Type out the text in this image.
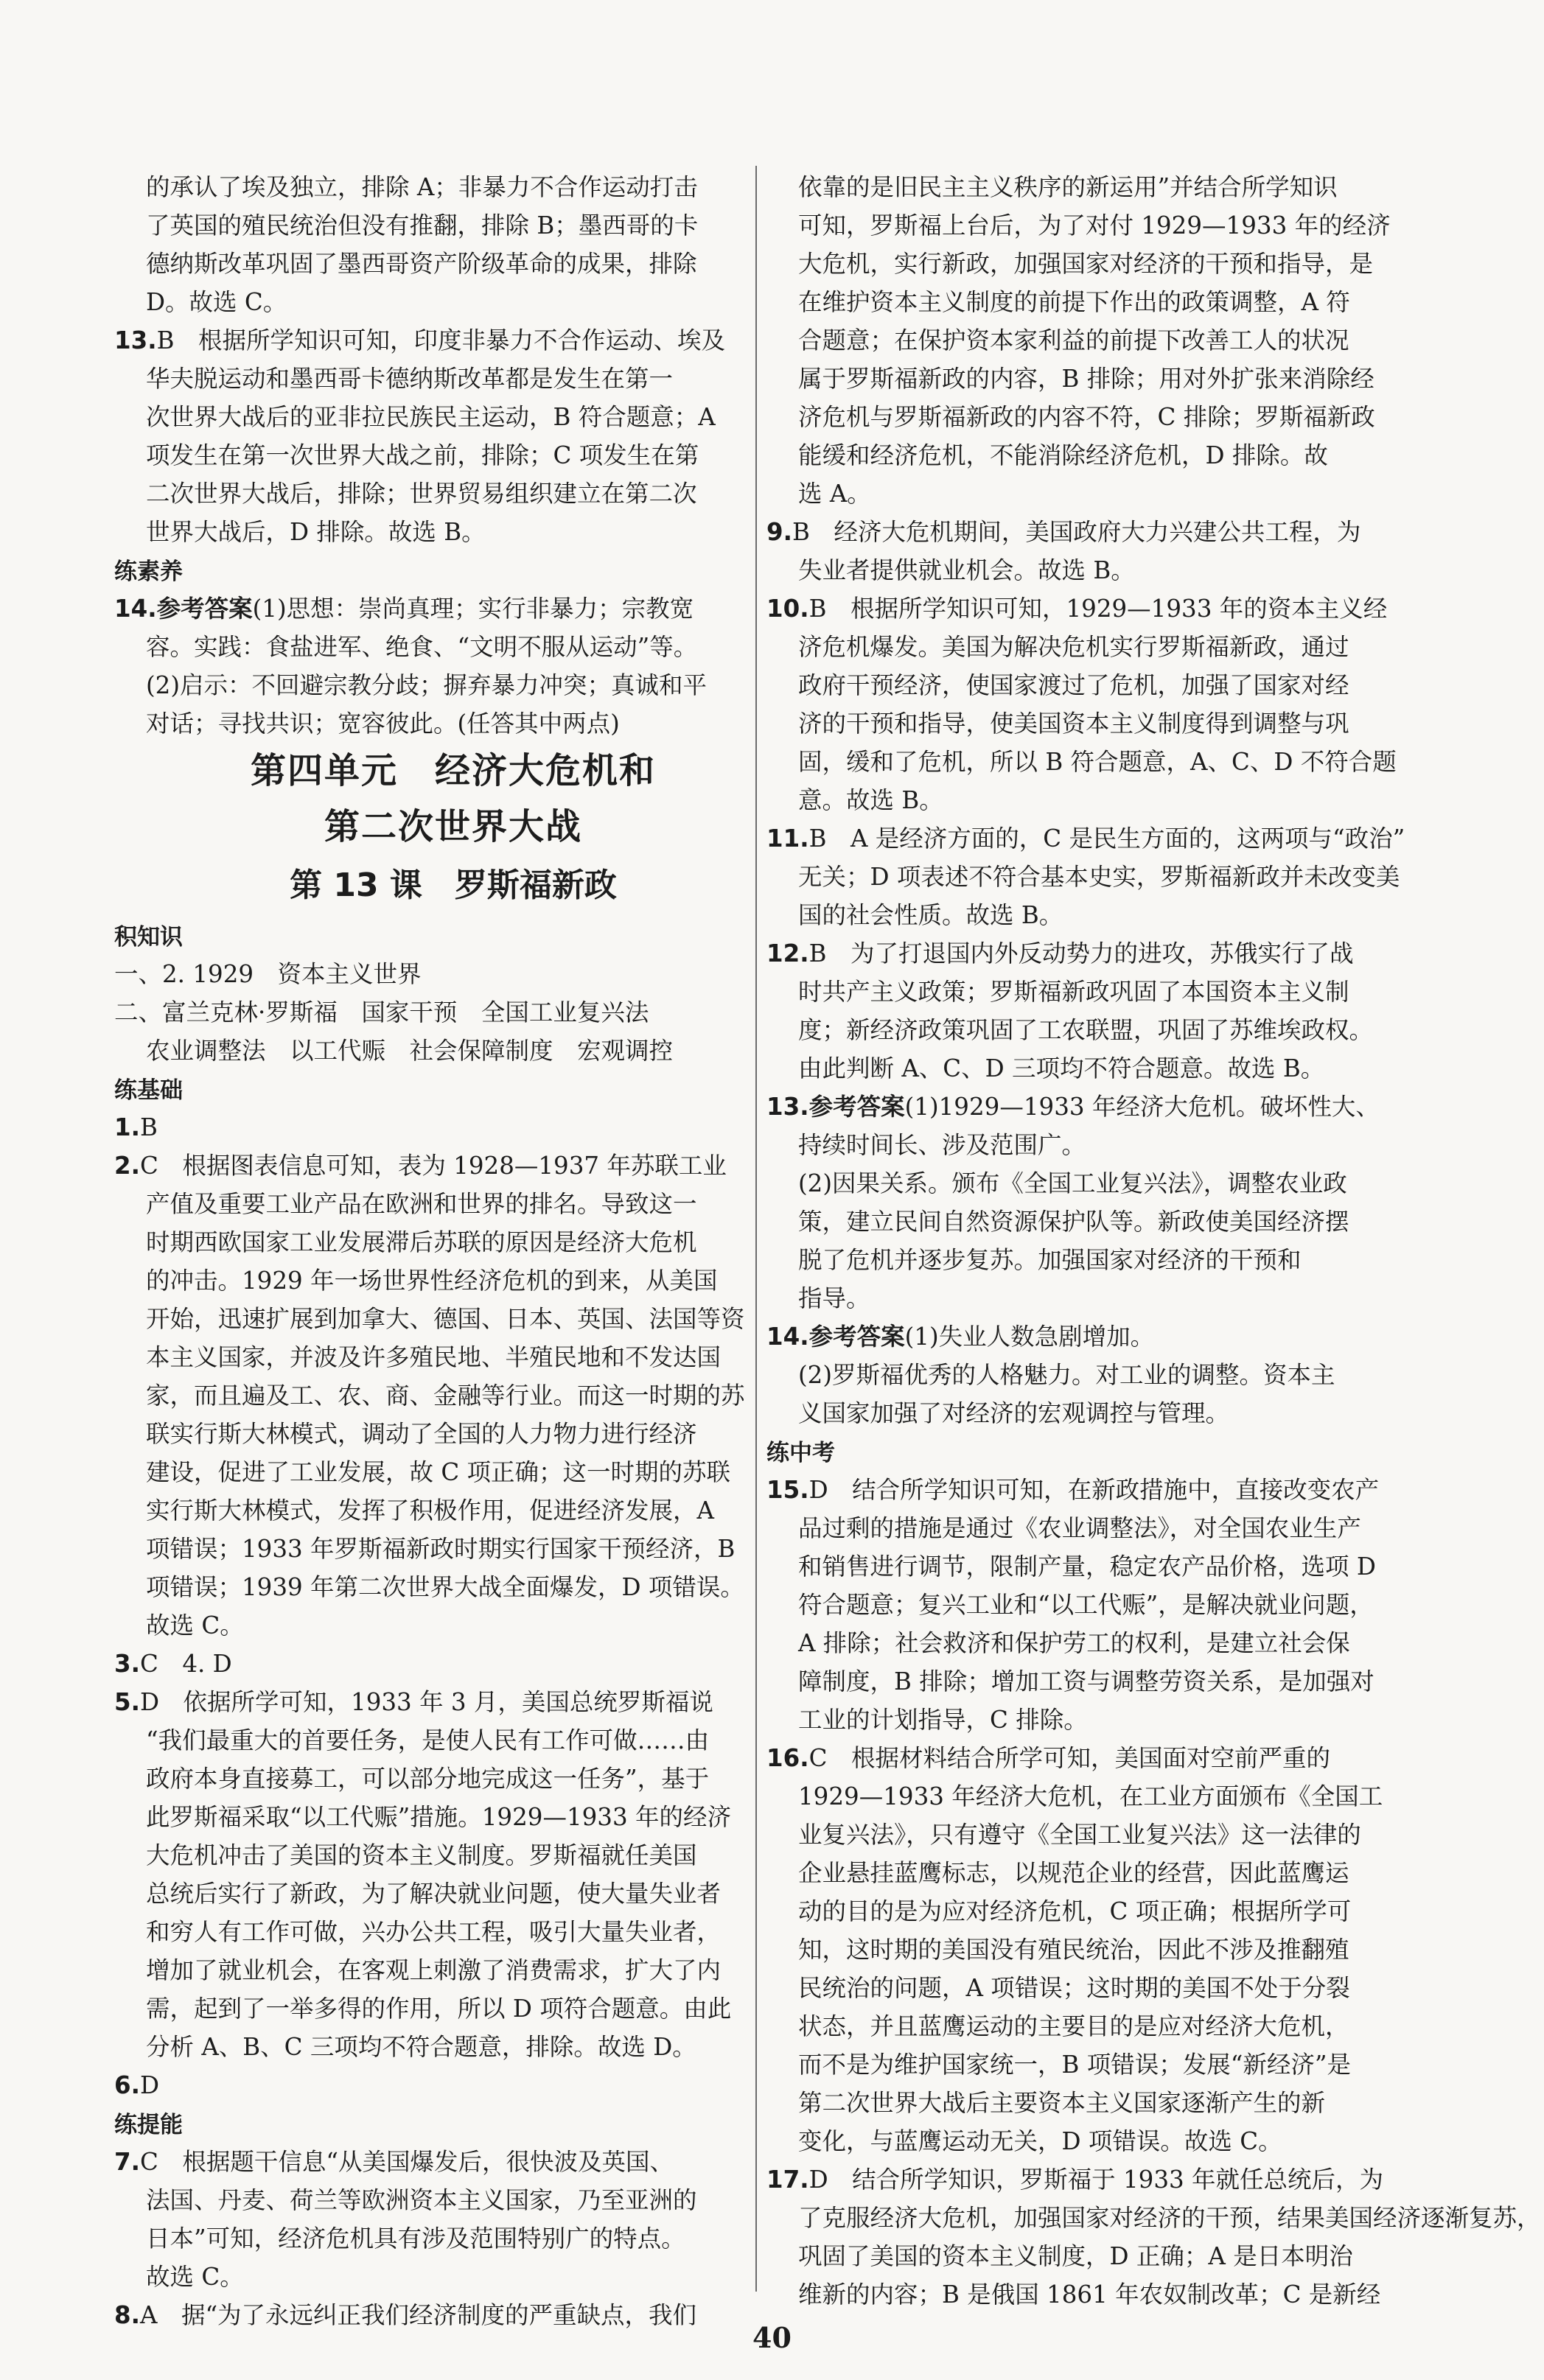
的承认了埃及独立，排除 A；非暴力不合作运动打击
了英国的殖民统治但没有推翻，排除 B；墨西哥的卡
德纳斯改革巩固了墨西哥资产阶级革命的成果，排除
D。故选 C。
13.B　根据所学知识可知，印度非暴力不合作运动、埃及
华夫脱运动和墨西哥卡德纳斯改革都是发生在第一
次世界大战后的亚非拉民族民主运动，B 符合题意；A
项发生在第一次世界大战之前，排除；C 项发生在第
二次世界大战后，排除；世界贸易组织建立在第二次
世界大战后，D 排除。故选 B。
练素养
14.参考答案(1)思想：崇尚真理；实行非暴力；宗教宽
容。实践：食盐进军、绝食、“文明不服从运动”等。
(2)启示：不回避宗教分歧；摒弃暴力冲突；真诚和平
对话；寻找共识；宽容彼此。(任答其中两点)
第四单元　经济大危机和
第二次世界大战
第 13 课　罗斯福新政
积知识
一、2. 1929　资本主义世界
二、富兰克林·罗斯福　国家干预　全国工业复兴法
农业调整法　以工代赈　社会保障制度　宏观调控
练基础
1.B
2.C　根据图表信息可知，表为 1928—1937 年苏联工业
产值及重要工业产品在欧洲和世界的排名。导致这一
时期西欧国家工业发展滞后苏联的原因是经济大危机
的冲击。1929 年一场世界性经济危机的到来，从美国
开始，迅速扩展到加拿大、德国、日本、英国、法国等资
本主义国家，并波及许多殖民地、半殖民地和不发达国
家，而且遍及工、农、商、金融等行业。而这一时期的苏
联实行斯大林模式，调动了全国的人力物力进行经济
建设，促进了工业发展，故 C 项正确；这一时期的苏联
实行斯大林模式，发挥了积极作用，促进经济发展，A
项错误；1933 年罗斯福新政时期实行国家干预经济，B
项错误；1939 年第二次世界大战全面爆发，D 项错误。
故选 C。
3.C　4. D
5.D　依据所学可知，1933 年 3 月，美国总统罗斯福说
“我们最重大的首要任务，是使人民有工作可做……由
政府本身直接募工，可以部分地完成这一任务”，基于
此罗斯福采取“以工代赈”措施。1929—1933 年的经济
大危机冲击了美国的资本主义制度。罗斯福就任美国
总统后实行了新政，为了解决就业问题，使大量失业者
和穷人有工作可做，兴办公共工程，吸引大量失业者，
增加了就业机会，在客观上刺激了消费需求，扩大了内
需，起到了一举多得的作用，所以 D 项符合题意。由此
分析 A、B、C 三项均不符合题意，排除。故选 D。
6.D
练提能
7.C　根据题干信息“从美国爆发后，很快波及英国、
法国、丹麦、荷兰等欧洲资本主义国家，乃至亚洲的
日本”可知，经济危机具有涉及范围特别广的特点。
故选 C。
8.A　据“为了永远纠正我们经济制度的严重缺点，我们
依靠的是旧民主主义秩序的新运用”并结合所学知识
可知，罗斯福上台后，为了对付 1929—1933 年的经济
大危机，实行新政，加强国家对经济的干预和指导，是
在维护资本主义制度的前提下作出的政策调整，A 符
合题意；在保护资本家利益的前提下改善工人的状况
属于罗斯福新政的内容，B 排除；用对外扩张来消除经
济危机与罗斯福新政的内容不符，C 排除；罗斯福新政
能缓和经济危机，不能消除经济危机，D 排除。故
选 A。
9.B　经济大危机期间，美国政府大力兴建公共工程，为
失业者提供就业机会。故选 B。
10.B　根据所学知识可知，1929—1933 年的资本主义经
济危机爆发。美国为解决危机实行罗斯福新政，通过
政府干预经济，使国家渡过了危机，加强了国家对经
济的干预和指导，使美国资本主义制度得到调整与巩
固，缓和了危机，所以 B 符合题意，A、C、D 不符合题
意。故选 B。
11.B　A 是经济方面的，C 是民生方面的，这两项与“政治”
无关；D 项表述不符合基本史实，罗斯福新政并未改变美
国的社会性质。故选 B。
12.B　为了打退国内外反动势力的进攻，苏俄实行了战
时共产主义政策；罗斯福新政巩固了本国资本主义制
度；新经济政策巩固了工农联盟，巩固了苏维埃政权。
由此判断 A、C、D 三项均不符合题意。故选 B。
13.参考答案(1)1929—1933 年经济大危机。破坏性大、
持续时间长、涉及范围广。
(2)因果关系。颁布《全国工业复兴法》，调整农业政
策，建立民间自然资源保护队等。新政使美国经济摆
脱了危机并逐步复苏。加强国家对经济的干预和
指导。
14.参考答案(1)失业人数急剧增加。
(2)罗斯福优秀的人格魅力。对工业的调整。资本主
义国家加强了对经济的宏观调控与管理。
练中考
15.D　结合所学知识可知，在新政措施中，直接改变农产
品过剩的措施是通过《农业调整法》，对全国农业生产
和销售进行调节，限制产量，稳定农产品价格，选项 D
符合题意；复兴工业和“以工代赈”，是解决就业问题，
A 排除；社会救济和保护劳工的权利，是建立社会保
障制度，B 排除；增加工资与调整劳资关系，是加强对
工业的计划指导，C 排除。
16.C　根据材料结合所学可知，美国面对空前严重的
1929—1933 年经济大危机，在工业方面颁布《全国工
业复兴法》，只有遵守《全国工业复兴法》这一法律的
企业悬挂蓝鹰标志，以规范企业的经营，因此蓝鹰运
动的目的是为应对经济危机，C 项正确；根据所学可
知，这时期的美国没有殖民统治，因此不涉及推翻殖
民统治的问题，A 项错误；这时期的美国不处于分裂
状态，并且蓝鹰运动的主要目的是应对经济大危机，
而不是为维护国家统一，B 项错误；发展“新经济”是
第二次世界大战后主要资本主义国家逐渐产生的新
变化，与蓝鹰运动无关，D 项错误。故选 C。
17.D　结合所学知识，罗斯福于 1933 年就任总统后，为
了克服经济大危机，加强国家对经济的干预，结果美国经济逐渐复苏，
巩固了美国的资本主义制度，D 正确；A 是日本明治
维新的内容；B 是俄国 1861 年农奴制改革；C 是新经
40
